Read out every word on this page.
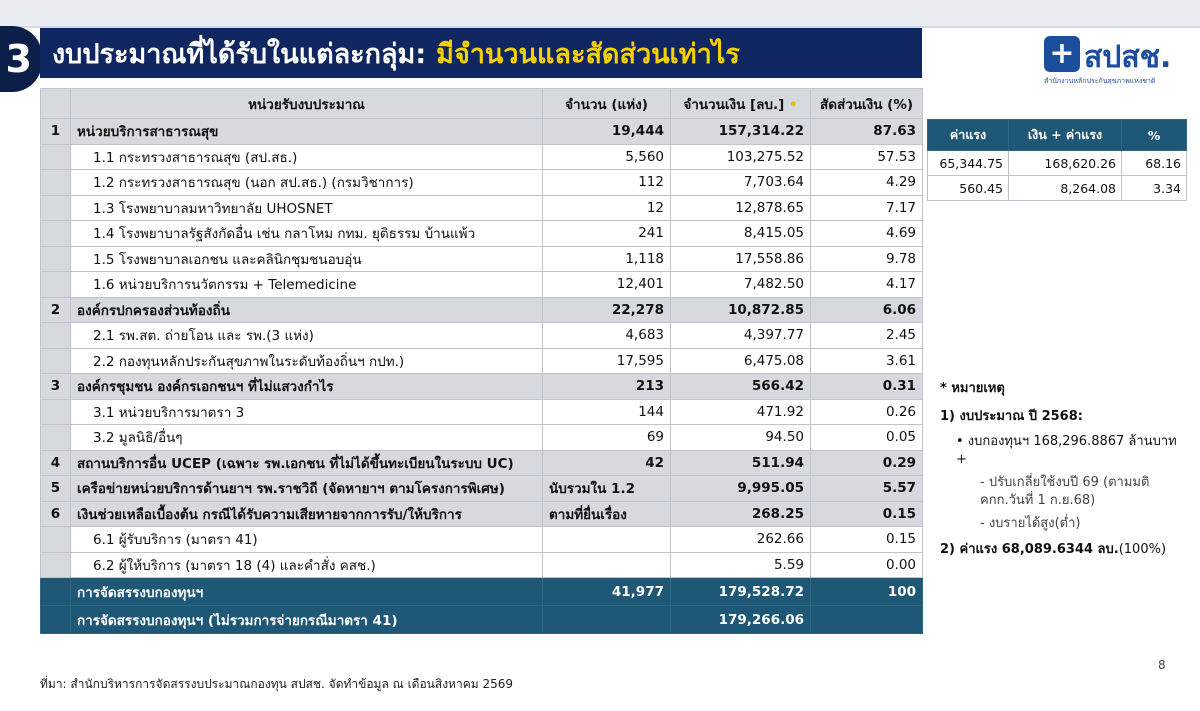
3 งบประมาณที่ได้รับในแต่ละกลุ่ม: มีจำนวนและสัดส่วนเท่าไร	+ สปสช.
สำนักงานหลักประกันสุขภาพแห่งชาติ
	หน่วยรับงบประมาณ	จำนวน (แห่ง)	จำนวนเงิน [ลบ.] •	สัดส่วนเงิน (%)
1	หน่วยบริการสาธารณสุข	19,444	157,314.22	87.63
	1.1 กระทรวงสาธารณสุข (สป.สธ.)	5,560	103,275.52	57.53
	1.2 กระทรวงสาธารณสุข (นอก สป.สธ.) (กรมวิชาการ)	112	7,703.64	4.29
	1.3 โรงพยาบาลมหาวิทยาลัย UHOSNET	12	12,878.65	7.17
	1.4 โรงพยาบาลรัฐสังกัดอื่น เช่น กลาโหม กทม. ยุติธรรม บ้านแพ้ว	241	8,415.05	4.69
	1.5 โรงพยาบาลเอกชน และคลินิกชุมชนอบอุ่น	1,118	17,558.86	9.78
	1.6 หน่วยบริการนวัตกรรม + Telemedicine	12,401	7,482.50	4.17
2	องค์กรปกครองส่วนท้องถิ่น	22,278	10,872.85	6.06
	2.1 รพ.สต. ถ่ายโอน และ รพ.(3 แห่ง)	4,683	4,397.77	2.45
	2.2 กองทุนหลักประกันสุขภาพในระดับท้องถิ่นฯ กปท.)	17,595	6,475.08	3.61
3	องค์กรชุมชน องค์กรเอกชนฯ ที่ไม่แสวงกำไร	213	566.42	0.31
	3.1 หน่วยบริการมาตรา 3	144	471.92	0.26
	3.2 มูลนิธิ/อื่นๆ	69	94.50	0.05
4	สถานบริการอื่น UCEP (เฉพาะ รพ.เอกชน ที่ไม่ได้ขึ้นทะเบียนในระบบ UC)	42	511.94	0.29
5	เครือข่ายหน่วยบริการด้านยาฯ รพ.ราชวิถี (จัดหายาฯ ตามโครงการพิเศษ)	นับรวมใน 1.2	9,995.05	5.57
6	เงินช่วยเหลือเบื้องต้น กรณีได้รับความเสียหายจากการรับ/ให้บริการ	ตามที่ยื่นเรื่อง	268.25	0.15
	6.1 ผู้รับบริการ (มาตรา 41)		262.66	0.15
	6.2 ผู้ให้บริการ (มาตรา 18 (4) และคำสั่ง คสช.)		5.59	0.00
	การจัดสรรงบกองทุนฯ	41,977	179,528.72	100
	การจัดสรรงบกองทุนฯ (ไม่รวมการจ่ายกรณีมาตรา 41)		179,266.06	
ค่าแรง	เงิน + ค่าแรง	%
65,344.75	168,620.26	68.16
560.45	8,264.08	3.34
* หมายเหตุ
1) งบประมาณ ปี 2568:
• งบกองทุนฯ 168,296.8867 ล้านบาท +
- ปรับเกลี่ยใช้งบปี 69 (ตามมติ คกก.วันที่ 1 ก.ย.68)
- งบรายได้สูง(ต่ำ)
2) ค่าแรง 68,089.6344 ลบ.(100%)
8
ที่มา: สำนักบริหารการจัดสรรงบประมาณกองทุน สปสช. จัดทำข้อมูล ณ เดือนสิงหาคม 2569
